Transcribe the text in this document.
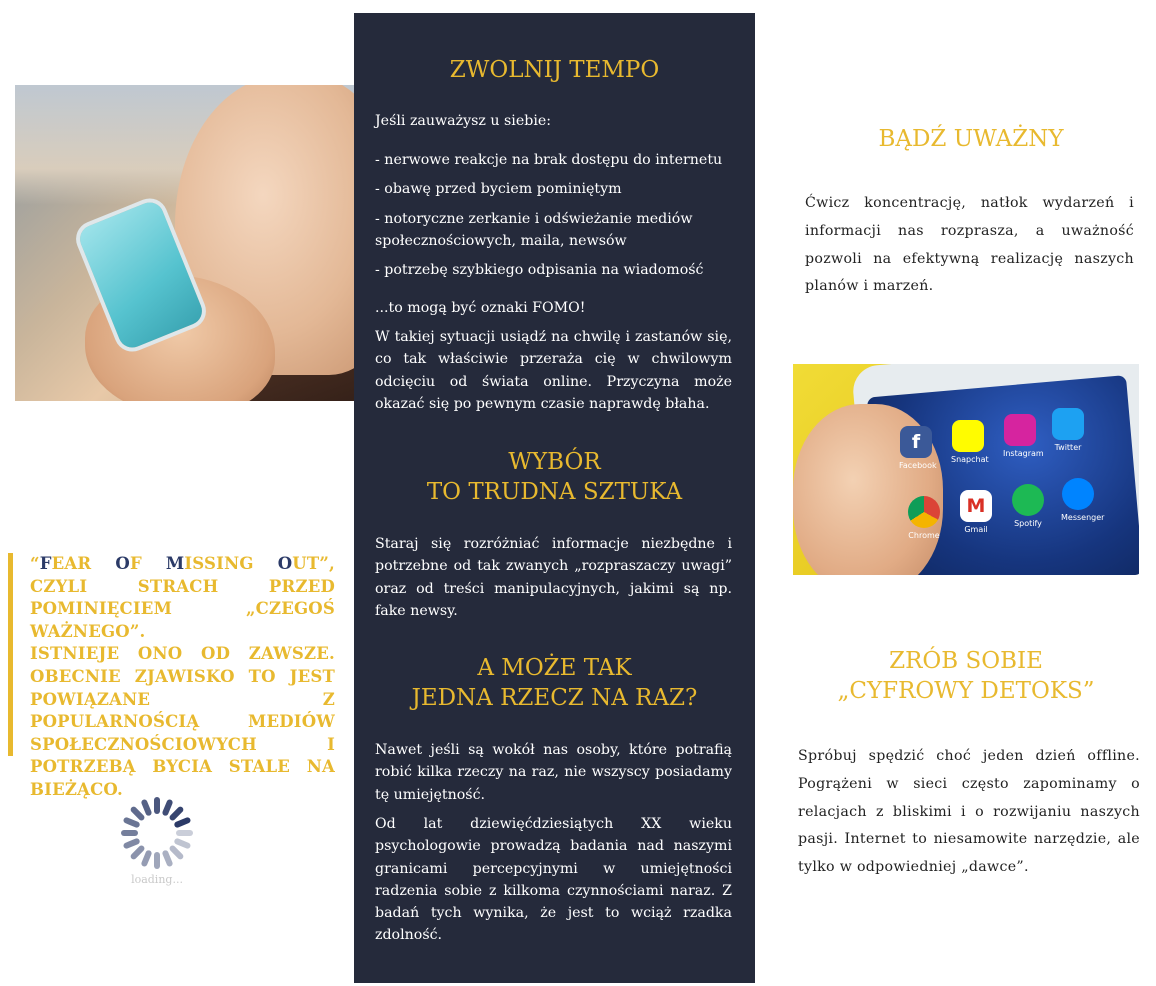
“FEAR OF MISSING OUT”, CZYLI STRACH PRZED POMINIĘCIEM „CZEGOŚ WAŻNEGO”.

ISTNIEJE ONO OD ZAWSZE. OBECNIE ZJAWISKO TO JEST POWIĄZANE Z POPULARNOŚCIĄ MEDIÓW SPOŁECZNOŚCIOWYCH I POTRZEBĄ BYCIA STALE NA BIEŻĄCO.

loading...
ZWOLNIJ TEMPO
Jeśli zauważysz u siebie:

- nerwowe reakcje na brak dostępu do internetu

- obawę przed byciem pominiętym

- notoryczne zerkanie i odświeżanie mediów społecznościowych, maila, newsów

- potrzebę szybkiego odpisania na wiadomość

...to mogą być oznaki FOMO!
W takiej sytuacji usiądź na chwilę i zastanów się, co tak właściwie przeraża cię w chwilowym odcięciu od świata online. Przyczyna może okazać się po pewnym czasie naprawdę błaha.
WYBÓR
TO TRUDNA SZTUKA
Staraj się rozróżniać informacje niezbędne i potrzebne od tak zwanych „rozpraszaczy uwagi” oraz od treści manipulacyjnych, jakimi są np. fake newsy.
A MOŻE TAK
JEDNA RZECZ NA RAZ?
Nawet jeśli są wokół nas osoby, które potrafią robić kilka rzeczy na raz, nie wszyscy posiadamy tę umiejętność.
Od lat dziewięćdziesiątych XX wieku psychologowie prowadzą badania nad naszymi granicami percepcyjnymi w umiejętności radzenia sobie z kilkoma czynnościami naraz. Z badań tych wynika, że jest to wciąż rzadka zdolność.
BĄDŹ UWAŻNY
Ćwicz koncentrację, natłok wydarzeń i informacji nas rozprasza, a uważność pozwoli na efektywną realizację naszych planów i marzeń.
f
Facebook
Snapchat
Instagram
Twitter
Chrome
M
Gmail
Spotify
Messenger
ZRÓB SOBIE
„CYFROWY DETOKS”
Spróbuj spędzić choć jeden dzień offline. Pogrążeni w sieci często zapominamy o relacjach z bliskimi i o rozwijaniu naszych pasji. Internet to niesamowite narzędzie, ale tylko w odpowiedniej „dawce”.
